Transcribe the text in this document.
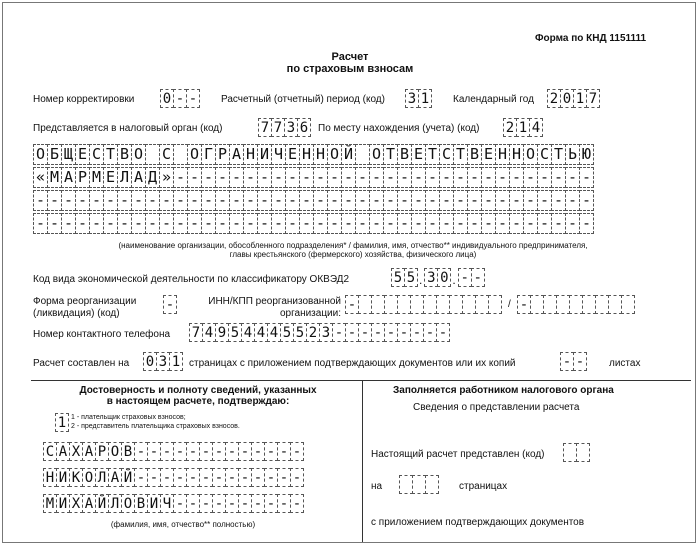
Форма по КНД 1151111
Расчет
по страховым взносам
Номер корректировки 0 - - Расчетный (отчетный) период (код) 3 1 Календарный год 2 0 1 7
Представляется в налоговый орган (код)	7 7 3 6 По месту нахождения (учета) (код) 2 1 4
О Б Щ Е С Т В О С О Г Р А Н И Ч Е Н Н О Й О Т В Е Т С Т В Е Н Н О С Т Ь Ю
« М А Р М Е Л А Д » - - - - - - - - - - - - - - - - - - - - - - - - - - - - - -
- - - - - - - - - - - - - - - - - - - - - - - - - - - - - - - - - - - - - - - -
- - - - - - - - - - - - - - - - - - - - - - - - - - - - - - - - - - - - - - - -
(наименование организации, обособленного подразделения* / фамилия, имя, отчество** индивидуального предпринимателя,
главы крестьянского (фермерского) хозяйства, физического лица)
Код вида экономической деятельности по классификатору ОКВЭД2	5 5 . 3 0 . - -
Форма реорганизации
(ликвидация) (код)
-	ИНН/КПП реорганизованной
организации:
-	/ -
Номер контактного телефона 7 4 9 5 4 4 4 5 5 2 3 - - - - - - - - -
Расчет составлен на 0 3 1 страницах с приложением подтверждающих документов или их копий	- - листах
Достоверность и полноту сведений, указанных
в настоящем расчете, подтверждаю:
1 1 - плательщик страховых взносов;
2 - представитель плательщика страховых взносов.
С А Х А Р О В - - - - - - - - - - - - -
Н И К О Л А Й - - - - - - - - - - - - -
М И Х А Й Л О В И Ч - - - - - - - - - -
(фамилия, имя, отчество** полностью)
Заполняется работником налогового органа
Сведения о представлении расчета
Настоящий расчет представлен (код)
на	страницах
с приложением подтверждающих документов
